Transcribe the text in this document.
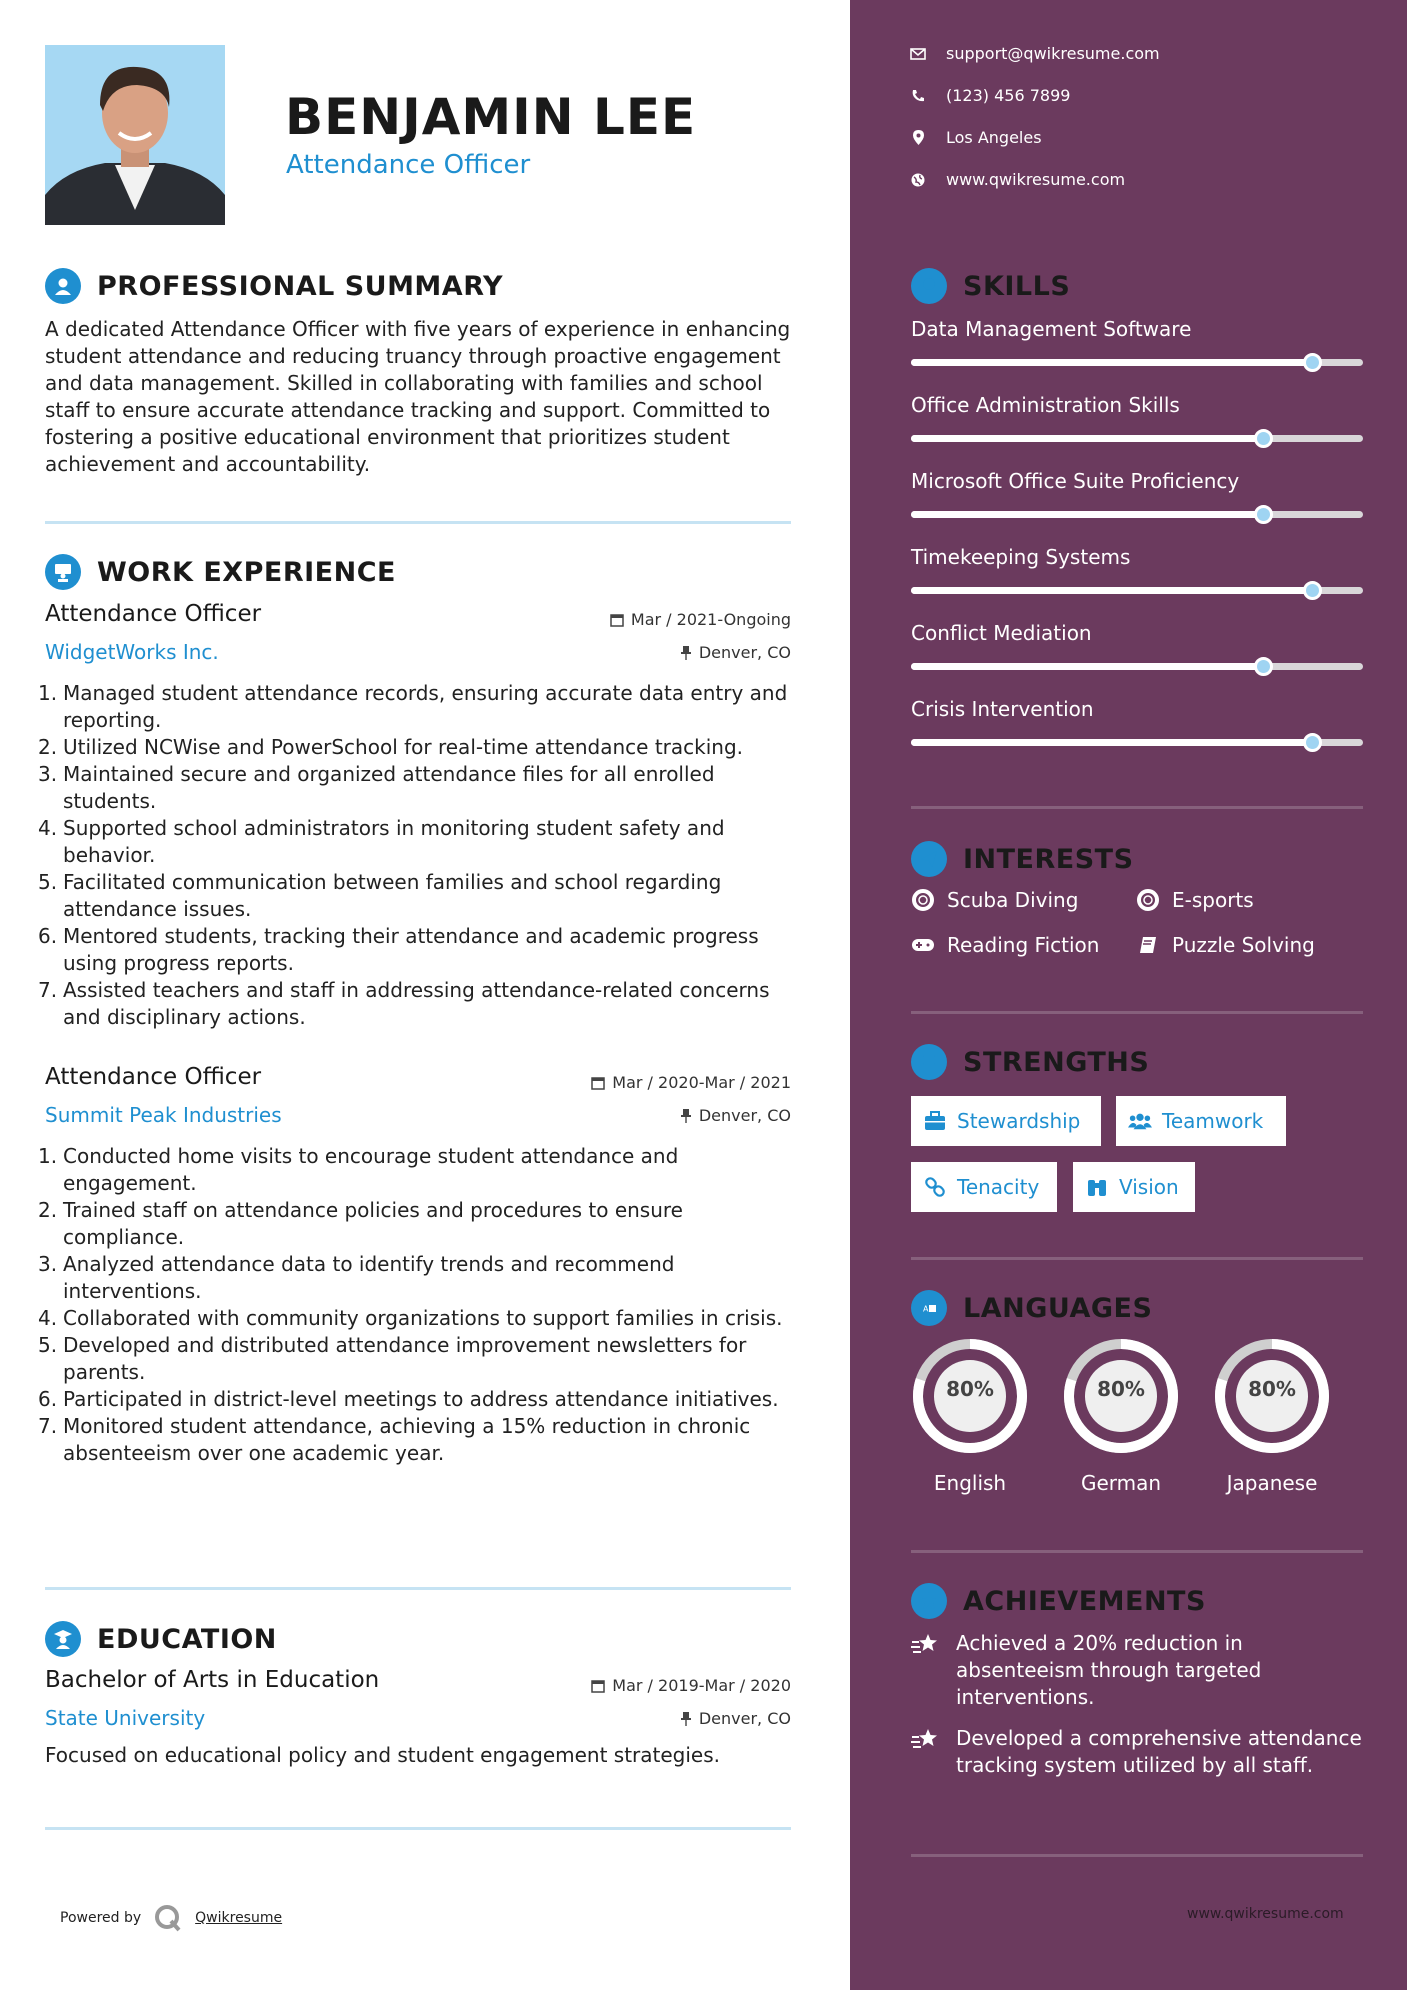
BENJAMIN LEE
Attendance Officer
PROFESSIONAL SUMMARY
A dedicated Attendance Officer with five years of experience in enhancing student attendance and reducing truancy through proactive engagement and data management. Skilled in collaborating with families and school staff to ensure accurate attendance tracking and support. Committed to fostering a positive educational environment that prioritizes student achievement and accountability.
WORK EXPERIENCE
Attendance Officer	Mar / 2021-Ongoing
WidgetWorks Inc.	Denver, CO
1. Managed student attendance records, ensuring accurate data entry and reporting.
2. Utilized NCWise and PowerSchool for real-time attendance tracking.
3. Maintained secure and organized attendance files for all enrolled students.
4. Supported school administrators in monitoring student safety and behavior.
5. Facilitated communication between families and school regarding attendance issues.
6. Mentored students, tracking their attendance and academic progress using progress reports.
7. Assisted teachers and staff in addressing attendance-related concerns and disciplinary actions.
Attendance Officer	Mar / 2020-Mar / 2021
Summit Peak Industries	Denver, CO
1. Conducted home visits to encourage student attendance and engagement.
2. Trained staff on attendance policies and procedures to ensure compliance.
3. Analyzed attendance data to identify trends and recommend interventions.
4. Collaborated with community organizations to support families in crisis.
5. Developed and distributed attendance improvement newsletters for parents.
6. Participated in district-level meetings to address attendance initiatives.
7. Monitored student attendance, achieving a 15% reduction in chronic absenteeism over one academic year.
EDUCATION
Bachelor of Arts in Education	Mar / 2019-Mar / 2020
State University	Denver, CO
Focused on educational policy and student engagement strategies.
Powered by	Qwikresume
support@qwikresume.com
(123) 456 7899
Los Angeles
www.qwikresume.com
SKILLS
Data Management Software
Office Administration Skills
Microsoft Office Suite Proficiency
Timekeeping Systems
Conflict Mediation
Crisis Intervention
INTERESTS
Scuba Diving	E-sports
Reading Fiction	Puzzle Solving
STRENGTHS
Stewardship	Teamwork
Tenacity	Vision
A LANGUAGES
80%
English
80%
German
80%
Japanese
ACHIEVEMENTS
Achieved a 20% reduction in absenteeism through targeted interventions.
Developed a comprehensive attendance tracking system utilized by all staff.
www.qwikresume.com
